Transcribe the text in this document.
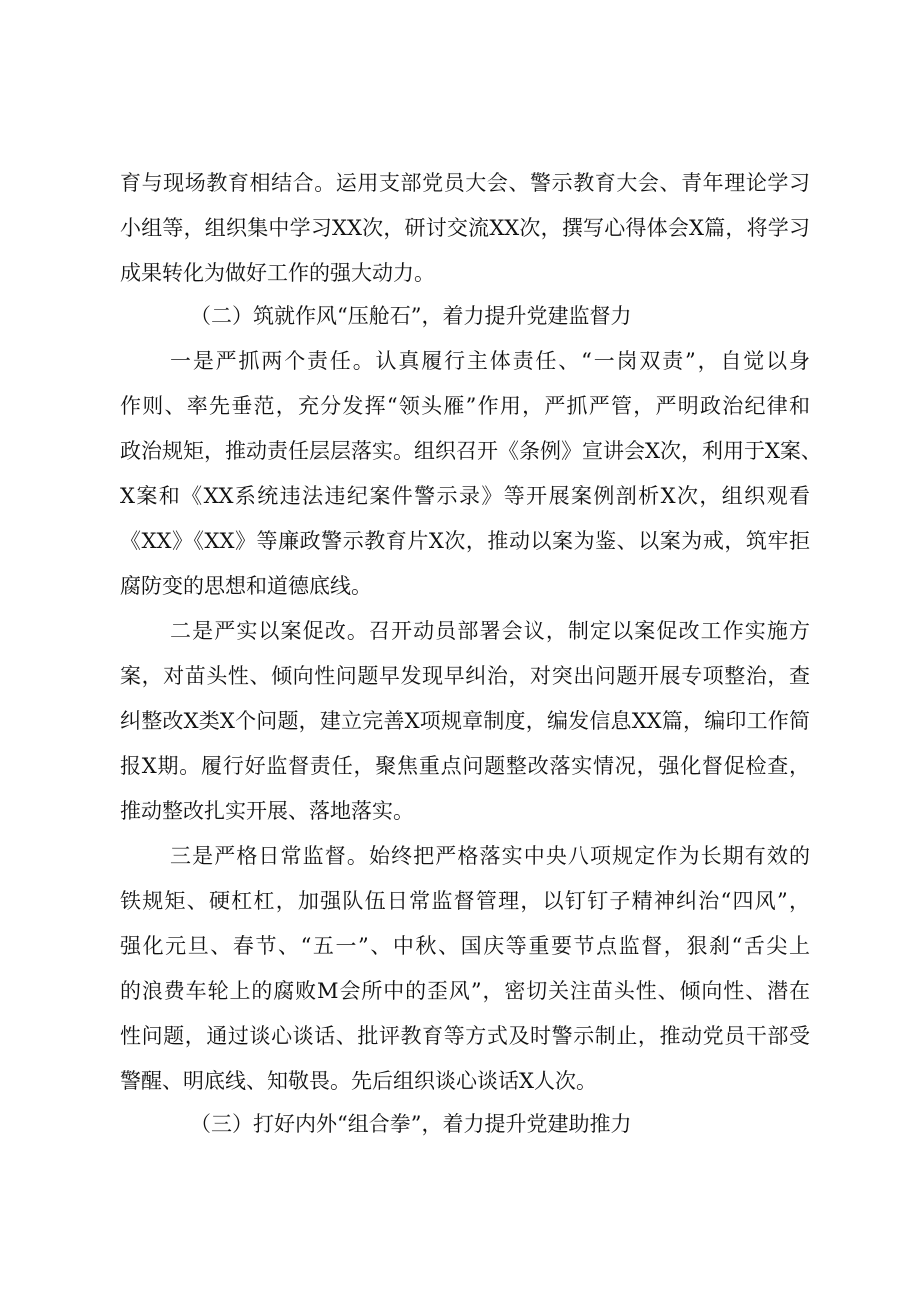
育与现场教育相结合。运用支部党员大会、警示教育大会、青年理论学习
小组等，组织集中学习XX次，研讨交流XX次，撰写心得体会X篇，将学习
成果转化为做好工作的强大动力。
（二）筑就作风“压舱石”，着力提升党建监督力
一是严抓两个责任。认真履行主体责任、“一岗双责”，自觉以身
作则、率先垂范，充分发挥“领头雁”作用，严抓严管，严明政治纪律和
政治规矩，推动责任层层落实。组织召开《条例》宣讲会X次，利用于X案、
X案和《XX系统违法违纪案件警示录》等开展案例剖析X次，组织观看
《XX》《XX》等廉政警示教育片X次，推动以案为鉴、以案为戒，筑牢拒
腐防变的思想和道德底线。
二是严实以案促改。召开动员部署会议，制定以案促改工作实施方
案，对苗头性、倾向性问题早发现早纠治，对突出问题开展专项整治，查
纠整改X类X个问题，建立完善X项规章制度，编发信息XX篇，编印工作简
报X期。履行好监督责任，聚焦重点问题整改落实情况，强化督促检查，
推动整改扎实开展、落地落实。
三是严格日常监督。始终把严格落实中央八项规定作为长期有效的
铁规矩、硬杠杠，加强队伍日常监督管理，以钉钉子精神纠治“四风”，
强化元旦、春节、“五一”、中秋、国庆等重要节点监督，狠刹“舌尖上
的浪费车轮上的腐败M会所中的歪风”，密切关注苗头性、倾向性、潜在
性问题，通过谈心谈话、批评教育等方式及时警示制止，推动党员干部受
警醒、明底线、知敬畏。先后组织谈心谈话X人次。
（三）打好内外“组合拳”，着力提升党建助推力
